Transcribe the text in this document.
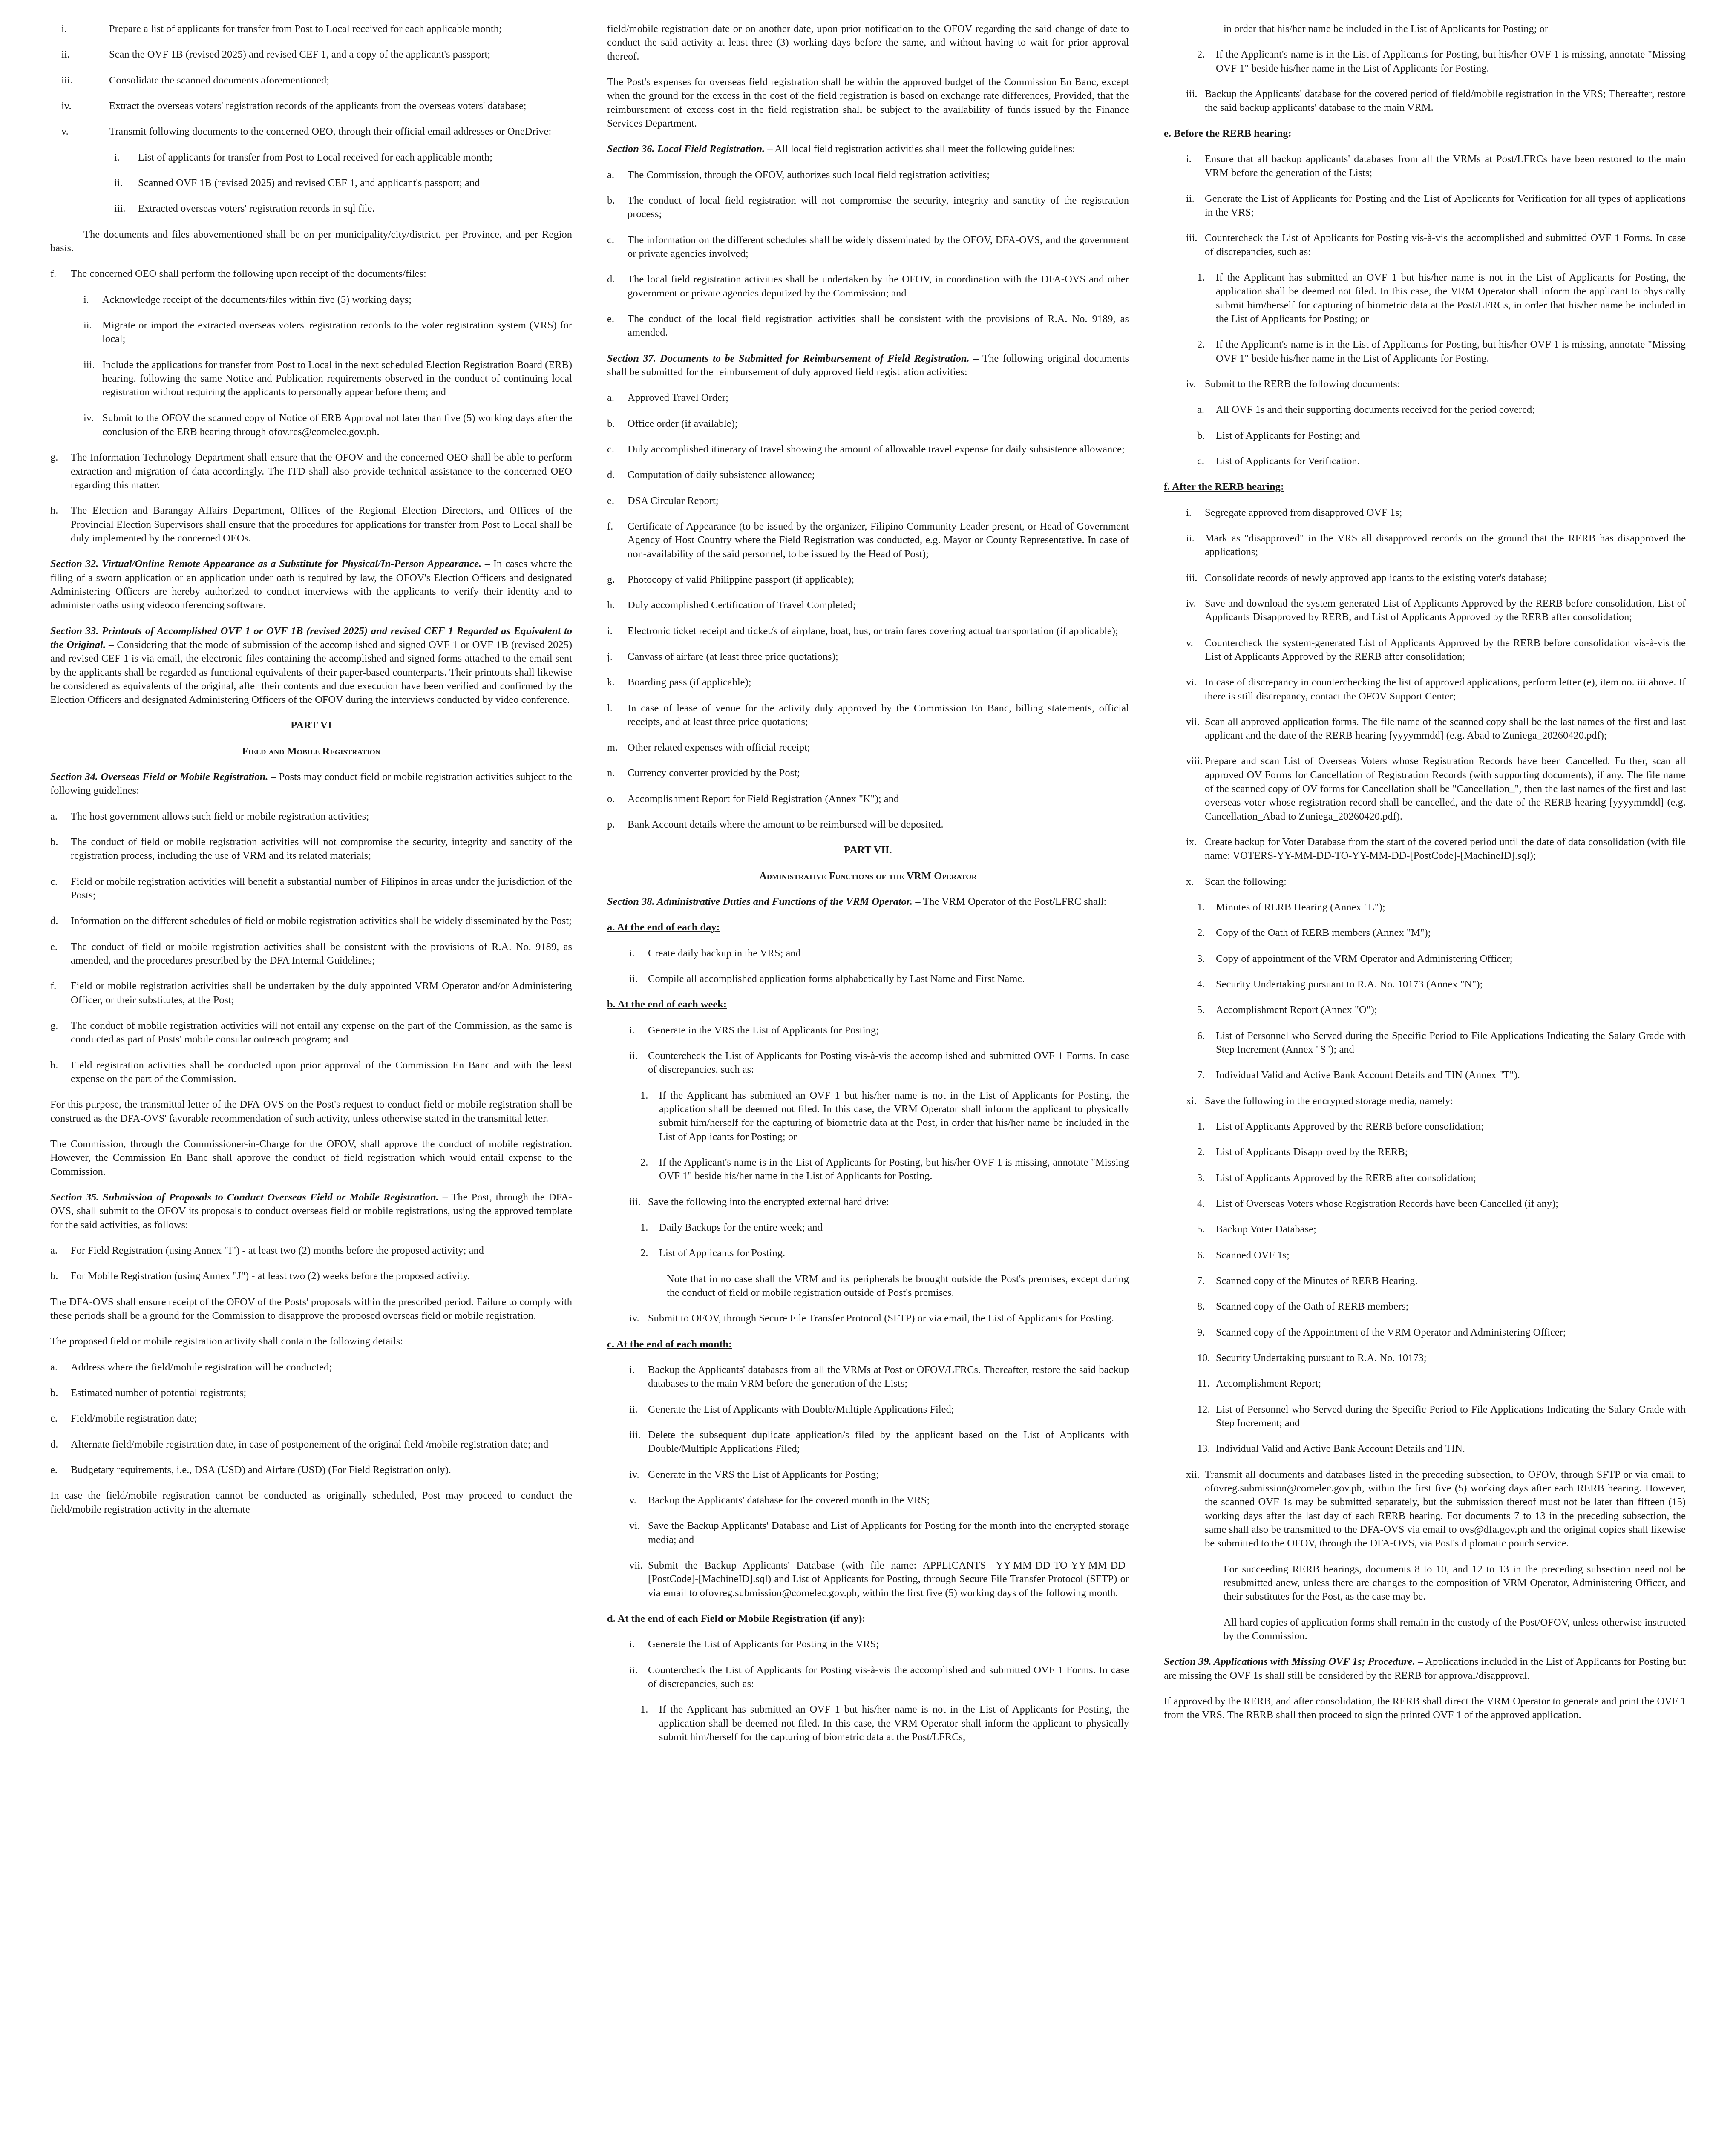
i.	Prepare a list of applicants for transfer from Post to Local received for each applicable month;
ii.	Scan the OVF 1B (revised 2025) and revised CEF 1, and a copy of the applicant's passport;
iii.	Consolidate the scanned documents aforementioned;
iv.	Extract the overseas voters' registration records of the applicants from the overseas voters' database;
v.	Transmit following documents to the concerned OEO, through their official email addresses or OneDrive:
i.	List of applicants for transfer from Post to Local received for each applicable month;
ii.	Scanned OVF 1B (revised 2025) and revised CEF 1, and applicant's passport; and
iii.	Extracted overseas voters' registration records in sql file.

The documents and files abovementioned shall be on per municipality/city/district, per Province, and per Region basis.

f.	The concerned OEO shall perform the following upon receipt of the documents/files:
i.	Acknowledge receipt of the documents/files within five (5) working days;
ii. Migrate or import the extracted overseas voters' registration records to the voter registration system (VRS) for local;
iii. Include the applications for transfer from Post to Local in the next scheduled Election Registration Board (ERB) hearing, following the same Notice and Publication requirements observed in the conduct of continuing local registration without requiring the applicants to personally appear before them; and
iv. Submit to the OFOV the scanned copy of Notice of ERB Approval not later than five (5) working days after the conclusion of the ERB hearing through ofov.res@comelec.gov.ph.
g.	The Information Technology Department shall ensure that the OFOV and the concerned OEO shall be able to perform extraction and migration of data accordingly. The ITD shall also provide technical assistance to the concerned OEO regarding this matter.
h.	The Election and Barangay Affairs Department, Offices of the Regional Election Directors, and Offices of the Provincial Election Supervisors shall ensure that the procedures for applications for transfer from Post to Local shall be duly implemented by the concerned OEOs.

Section 32. Virtual/Online Remote Appearance as a Substitute for Physical/In-Person Appearance. – In cases where the filing of a sworn application or an application under oath is required by law, the OFOV's Election Officers and designated Administering Officers are hereby authorized to conduct interviews with the applicants to verify their identity and to administer oaths using videoconferencing software.

Section 33. Printouts of Accomplished OVF 1 or OVF 1B (revised 2025) and revised CEF 1 Regarded as Equivalent to the Original. – Considering that the mode of submission of the accomplished and signed OVF 1 or OVF 1B (revised 2025) and revised CEF 1 is via email, the electronic files containing the accomplished and signed forms attached to the email sent by the applicants shall be regarded as functional equivalents of their paper-based counterparts. Their printouts shall likewise be considered as equivalents of the original, after their contents and due execution have been verified and confirmed by the Election Officers and designated Administering Officers of the OFOV during the interviews conducted by video conference.

PART VI
Field and Mobile Registration

Section 34. Overseas Field or Mobile Registration. – Posts may conduct field or mobile registration activities subject to the following guidelines:

a.	The host government allows such field or mobile registration activities;
b.	The conduct of field or mobile registration activities will not compromise the security, integrity and sanctity of the registration process, including the use of VRM and its related materials;
c.	Field or mobile registration activities will benefit a substantial number of Filipinos in areas under the jurisdiction of the Posts;
d.	Information on the different schedules of field or mobile registration activities shall be widely disseminated by the Post;
e.	The conduct of field or mobile registration activities shall be consistent with the provisions of R.A. No. 9189, as amended, and the procedures prescribed by the DFA Internal Guidelines;
f.	Field or mobile registration activities shall be undertaken by the duly appointed VRM Operator and/or Administering Officer, or their substitutes, at the Post;
g.	The conduct of mobile registration activities will not entail any expense on the part of the Commission, as the same is conducted as part of Posts' mobile consular outreach program; and
h.	Field registration activities shall be conducted upon prior approval of the Commission En Banc and with the least expense on the part of the Commission.

For this purpose, the transmittal letter of the DFA-OVS on the Post's request to conduct field or mobile registration shall be construed as the DFA-OVS' favorable recommendation of such activity, unless otherwise stated in the transmittal letter.

The Commission, through the Commissioner-in-Charge for the OFOV, shall approve the conduct of mobile registration. However, the Commission En Banc shall approve the conduct of field registration which would entail expense to the Commission.

Section 35. Submission of Proposals to Conduct Overseas Field or Mobile Registration. – The Post, through the DFA-OVS, shall submit to the OFOV its proposals to conduct overseas field or mobile registrations, using the approved template for the said activities, as follows:

a.	For Field Registration (using Annex "I") - at least two (2) months before the proposed activity; and
b.	For Mobile Registration (using Annex "J") - at least two (2) weeks before the proposed activity.

The DFA-OVS shall ensure receipt of the OFOV of the Posts' proposals within the prescribed period. Failure to comply with these periods shall be a ground for the Commission to disapprove the proposed overseas field or mobile registration.

The proposed field or mobile registration activity shall contain the following details:

a.	Address where the field/mobile registration will be conducted;
b.	Estimated number of potential registrants;
c.	Field/mobile registration date;
d.	Alternate field/mobile registration date, in case of postponement of the original field /mobile registration date; and
e.	Budgetary requirements, i.e., DSA (USD) and Airfare (USD) (For Field Registration only).

In case the field/mobile registration cannot be conducted as originally scheduled, Post may proceed to conduct the field/mobile registration activity in the alternate

field/mobile registration date or on another date, upon prior notification to the OFOV regarding the said change of date to conduct the said activity at least three (3) working days before the same, and without having to wait for prior approval thereof.

The Post's expenses for overseas field registration shall be within the approved budget of the Commission En Banc, except when the ground for the excess in the cost of the field registration is based on exchange rate differences, Provided, that the reimbursement of excess cost in the field registration shall be subject to the availability of funds issued by the Finance Services Department.

Section 36. Local Field Registration. – All local field registration activities shall meet the following guidelines:

a.	The Commission, through the OFOV, authorizes such local field registration activities;
b.	The conduct of local field registration will not compromise the security, integrity and sanctity of the registration process;
c.	The information on the different schedules shall be widely disseminated by the OFOV, DFA-OVS, and the government or private agencies involved;
d.	The local field registration activities shall be undertaken by the OFOV, in coordination with the DFA-OVS and other government or private agencies deputized by the Commission; and
e.	The conduct of the local field registration activities shall be consistent with the provisions of R.A. No. 9189, as amended.

Section 37. Documents to be Submitted for Reimbursement of Field Registration. – The following original documents shall be submitted for the reimbursement of duly approved field registration activities:

a.	Approved Travel Order;
b.	Office order (if available);
c.	Duly accomplished itinerary of travel showing the amount of allowable travel expense for daily subsistence allowance;
d.	Computation of daily subsistence allowance;
e.	DSA Circular Report;
f.	Certificate of Appearance (to be issued by the organizer, Filipino Community Leader present, or Head of Government Agency of Host Country where the Field Registration was conducted, e.g. Mayor or County Representative. In case of non-availability of the said personnel, to be issued by the Head of Post);
g.	Photocopy of valid Philippine passport (if applicable);
h.	Duly accomplished Certification of Travel Completed;
i.	Electronic ticket receipt and ticket/s of airplane, boat, bus, or train fares covering actual transportation (if applicable);
j.	Canvass of airfare (at least three price quotations);
k.	Boarding pass (if applicable);
l.	In case of lease of venue for the activity duly approved by the Commission En Banc, billing statements, official receipts, and at least three price quotations;
m. Other related expenses with official receipt;
n.	Currency converter provided by the Post;
o.	Accomplishment Report for Field Registration (Annex "K"); and
p.	Bank Account details where the amount to be reimbursed will be deposited.
PART VII.
Administrative Functions of the VRM Operator

Section 38. Administrative Duties and Functions of the VRM Operator. – The VRM Operator of the Post/LFRC shall:

a. At the end of each day:
i.	Create daily backup in the VRS; and
ii. Compile all accomplished application forms alphabetically by Last Name and First Name.
b. At the end of each week:
i.	Generate in the VRS the List of Applicants for Posting;
ii. Countercheck the List of Applicants for Posting vis-à-vis the accomplished and submitted OVF 1 Forms. In case of discrepancies, such as:
1.	If the Applicant has submitted an OVF 1 but his/her name is not in the List of Applicants for Posting, the application shall be deemed not filed. In this case, the VRM Operator shall inform the applicant to physically submit him/herself for the capturing of biometric data at the Post, in order that his/her name be included in the List of Applicants for Posting; or
2.	If the Applicant's name is in the List of Applicants for Posting, but his/her OVF 1 is missing, annotate "Missing OVF 1" beside his/her name in the List of Applicants for Posting.
iii. Save the following into the encrypted external hard drive:
1.	Daily Backups for the entire week; and
2.	List of Applicants for Posting.

Note that in no case shall the VRM and its peripherals be brought outside the Post's premises, except during the conduct of field or mobile registration outside of Post's premises.

iv. Submit to OFOV, through Secure File Transfer Protocol (SFTP) or via email, the List of Applicants for Posting.
c. At the end of each month:
i.	Backup the Applicants' databases from all the VRMs at Post or OFOV/LFRCs. Thereafter, restore the said backup databases to the main VRM before the generation of the Lists;
ii. Generate the List of Applicants with Double/Multiple Applications Filed;
iii. Delete the subsequent duplicate application/s filed by the applicant based on the List of Applicants with Double/Multiple Applications Filed;
iv. Generate in the VRS the List of Applicants for Posting;
v.	Backup the Applicants' database for the covered month in the VRS;
vi. Save the Backup Applicants' Database and List of Applicants for Posting for the month into the encrypted storage media; and
vii. Submit the Backup Applicants' Database (with file name: APPLICANTS- YY-MM-DD-TO-YY-MM-DD-[PostCode]-[MachineID].sql) and List of Applicants for Posting, through Secure File Transfer Protocol (SFTP) or via email to ofovreg.submission@comelec.gov.ph, within the first five (5) working days of the following month.
d. At the end of each Field or Mobile Registration (if any):
i.	Generate the List of Applicants for Posting in the VRS;
ii. Countercheck the List of Applicants for Posting vis-à-vis the accomplished and submitted OVF 1 Forms. In case of discrepancies, such as:
1.	If the Applicant has submitted an OVF 1 but his/her name is not in the List of Applicants for Posting, the application shall be deemed not filed. In this case, the VRM Operator shall inform the applicant to physically submit him/herself for the capturing of biometric data at the Post/LFRCs,

in order that his/her name be included in the List of Applicants for Posting; or

2.	If the Applicant's name is in the List of Applicants for Posting, but his/her OVF 1 is missing, annotate "Missing OVF 1" beside his/her name in the List of Applicants for Posting.
iii. Backup the Applicants' database for the covered period of field/mobile registration in the VRS; Thereafter, restore the said backup applicants' database to the main VRM.
e. Before the RERB hearing:
i.	Ensure that all backup applicants' databases from all the VRMs at Post/LFRCs have been restored to the main VRM before the generation of the Lists;
ii. Generate the List of Applicants for Posting and the List of Applicants for Verification for all types of applications in the VRS;
iii. Countercheck the List of Applicants for Posting vis-à-vis the accomplished and submitted OVF 1 Forms. In case of discrepancies, such as:
1.	If the Applicant has submitted an OVF 1 but his/her name is not in the List of Applicants for Posting, the application shall be deemed not filed. In this case, the VRM Operator shall inform the applicant to physically submit him/herself for capturing of biometric data at the Post/LFRCs, in order that his/her name be included in the List of Applicants for Posting; or
2.	If the Applicant's name is in the List of Applicants for Posting, but his/her OVF 1 is missing, annotate "Missing OVF 1" beside his/her name in the List of Applicants for Posting.
iv. Submit to the RERB the following documents:
a.	All OVF 1s and their supporting documents received for the period covered;
b.	List of Applicants for Posting; and
c.	List of Applicants for Verification.
f. After the RERB hearing:
i.	Segregate approved from disapproved OVF 1s;
ii. Mark as "disapproved" in the VRS all disapproved records on the ground that the RERB has disapproved the applications;
iii. Consolidate records of newly approved applicants to the existing voter's database;
iv. Save and download the system-generated List of Applicants Approved by the RERB before consolidation, List of Applicants Disapproved by RERB, and List of Applicants Approved by the RERB after consolidation;
v.	Countercheck the system-generated List of Applicants Approved by the RERB before consolidation vis-à-vis the List of Applicants Approved by the RERB after consolidation;
vi. In case of discrepancy in counterchecking the list of approved applications, perform letter (e), item no. iii above. If there is still discrepancy, contact the OFOV Support Center;
vii. Scan all approved application forms. The file name of the scanned copy shall be the last names of the first and last applicant and the date of the RERB hearing [yyyymmdd] (e.g. Abad to Zuniega_20260420.pdf);
viii. Prepare and scan List of Overseas Voters whose Registration Records have been Cancelled. Further, scan all approved OV Forms for Cancellation of Registration Records (with supporting documents), if any. The file name of the scanned copy of OV forms for Cancellation shall be "Cancellation_", then the last names of the first and last overseas voter whose registration record shall be cancelled, and the date of the RERB hearing [yyyymmdd] (e.g. Cancellation_Abad to Zuniega_20260420.pdf).
ix. Create backup for Voter Database from the start of the covered period until the date of data consolidation (with file name: VOTERS-YY-MM-DD-TO-YY-MM-DD-[PostCode]-[MachineID].sql);
x.	Scan the following:
1.	Minutes of RERB Hearing (Annex "L");
2.	Copy of the Oath of RERB members (Annex "M");
3.	Copy of appointment of the VRM Operator and Administering Officer;
4.	Security Undertaking pursuant to R.A. No. 10173 (Annex "N");
5.	Accomplishment Report (Annex "O");
6.	List of Personnel who Served during the Specific Period to File Applications Indicating the Salary Grade with Step Increment (Annex "S"); and
7.	Individual Valid and Active Bank Account Details and TIN (Annex "T").
xi. Save the following in the encrypted storage media, namely:
1.	List of Applicants Approved by the RERB before consolidation;
2.	List of Applicants Disapproved by the RERB;
3.	List of Applicants Approved by the RERB after consolidation;
4.	List of Overseas Voters whose Registration Records have been Cancelled (if any);
5.	Backup Voter Database;
6.	Scanned OVF 1s;
7.	Scanned copy of the Minutes of RERB Hearing.
8.	Scanned copy of the Oath of RERB members;
9.	Scanned copy of the Appointment of the VRM Operator and Administering Officer;
10. Security Undertaking pursuant to R.A. No. 10173;
11. Accomplishment Report;
12. List of Personnel who Served during the Specific Period to File Applications Indicating the Salary Grade with Step Increment; and
13. Individual Valid and Active Bank Account Details and TIN.
xii. Transmit all documents and databases listed in the preceding subsection, to OFOV, through SFTP or via email to ofovreg.submission@comelec.gov.ph, within the first five (5) working days after each RERB hearing. However, the scanned OVF 1s may be submitted separately, but the submission thereof must not be later than fifteen (15) working days after the last day of each RERB hearing. For documents 7 to 13 in the preceding subsection, the same shall also be transmitted to the DFA-OVS via email to ovs@dfa.gov.ph and the original copies shall likewise be submitted to the OFOV, through the DFA-OVS, via Post's diplomatic pouch service.

For succeeding RERB hearings, documents 8 to 10, and 12 to 13 in the preceding subsection need not be resubmitted anew, unless there are changes to the composition of VRM Operator, Administering Officer, and their substitutes for the Post, as the case may be.

All hard copies of application forms shall remain in the custody of the Post/OFOV, unless otherwise instructed by the Commission.

Section 39. Applications with Missing OVF 1s; Procedure. – Applications included in the List of Applicants for Posting but are missing the OVF 1s shall still be considered by the RERB for approval/disapproval.

If approved by the RERB, and after consolidation, the RERB shall direct the VRM Operator to generate and print the OVF 1 from the VRS. The RERB shall then proceed to sign the printed OVF 1 of the approved application.
